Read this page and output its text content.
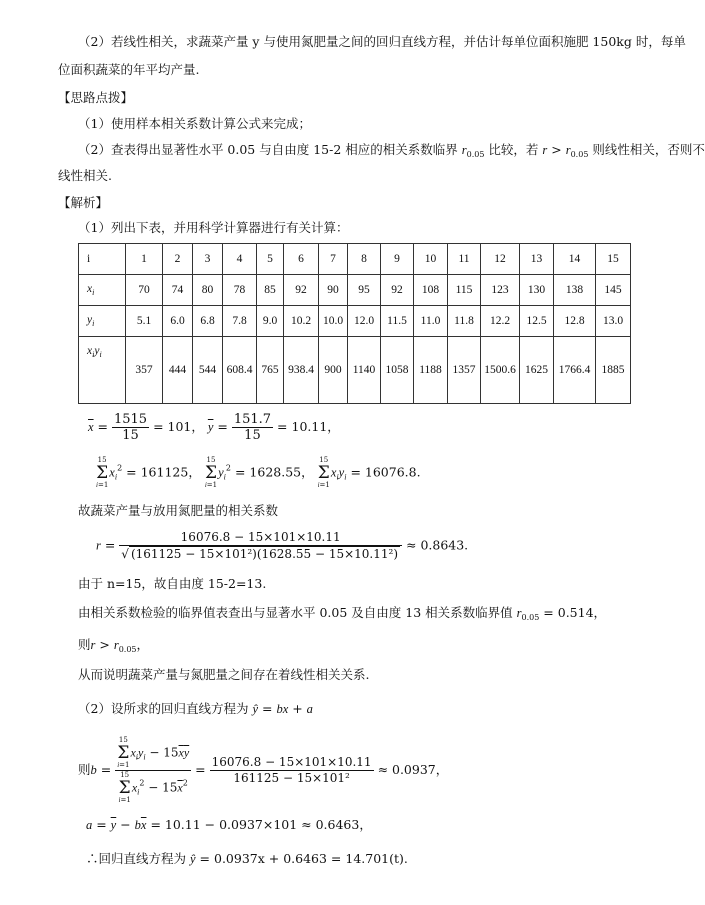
（2）若线性相关，求蔬菜产量 y 与使用氮肥量之间的回归直线方程，并估计每单位面积施肥 150kg 时，每单
位面积蔬菜的年平均产量.
【思路点拨】
（1）使用样本相关系数计算公式来完成；
（2）查表得出显著性水平 0.05 与自由度 15-2 相应的相关系数临界 $r_{0.05}$ 比较，若 $r > r_{0.05}$ 则线性相关，否则不
线性相关.
【解析】
（1）列出下表，并用科学计算器进行有关计算：
i	1	2	3	4	5	6	7	8	9	10	11	12	13	14	15
$x_i$	70	74	80	78	85	92	90	95	92	108	115	123	130	138	145
$y_i$	5.1	6.0	6.8	7.8	9.0	10.2	10.0	12.0	11.5	11.0	11.8	12.2	12.5	12.8	13.0
$x_iy_i$	357	444	544	608.4	765	938.4	900	1140	1058	1188	1357	1500.6	1625	1766.4	1885
$\overline{x} = \frac{1515}{15} = 101$， $\overline{y} = \frac{151.7}{15} = 10.11$，
15
Σ
i=1
$x_i^2 = 161125$，
15
Σ
i=1
$y_i^2 = 1628.55$，
15
Σ
i=1
$x_iy_i = 16076.8$.
故蔬菜产量与放用氮肥量的相关系数
$r = \frac{16076.8 - 15\times 101\times 10.11}{\text{√ (161125 − 15×101²)(1628.55 − 15×10.11²)}} \approx 0.8643$.
由于 n=15，故自由度 15-2=13.
由相关系数检验的临界值表查出与显著水平 0.05 及自由度 13 相关系数临界值 $r_{0.05} = 0.514$，
则$r > r_{0.05}$，
从而说明蔬菜产量与氮肥量之间存在着线性相关关系.
（2）设所求的回归直线方程为 ŷ = bx + a
则b = 15
Σ
i=1
$x_iy_i - 15\overline{x}\overline{y}$
15
Σ
i=1
$x_i^2 - 15\overline{x}^2 = \frac{16076.8 - 15\times 101\times 10.11}{\text{161125 − 15×101²}} \approx 0.0937$，
$a = \overline{y} - b\overline{x} = 10.11 - 0.0937\times 101 \approx 0.6463$，
∴回归直线方程为 ŷ = 0.0937x + 0.6463 = 14.701(t).
